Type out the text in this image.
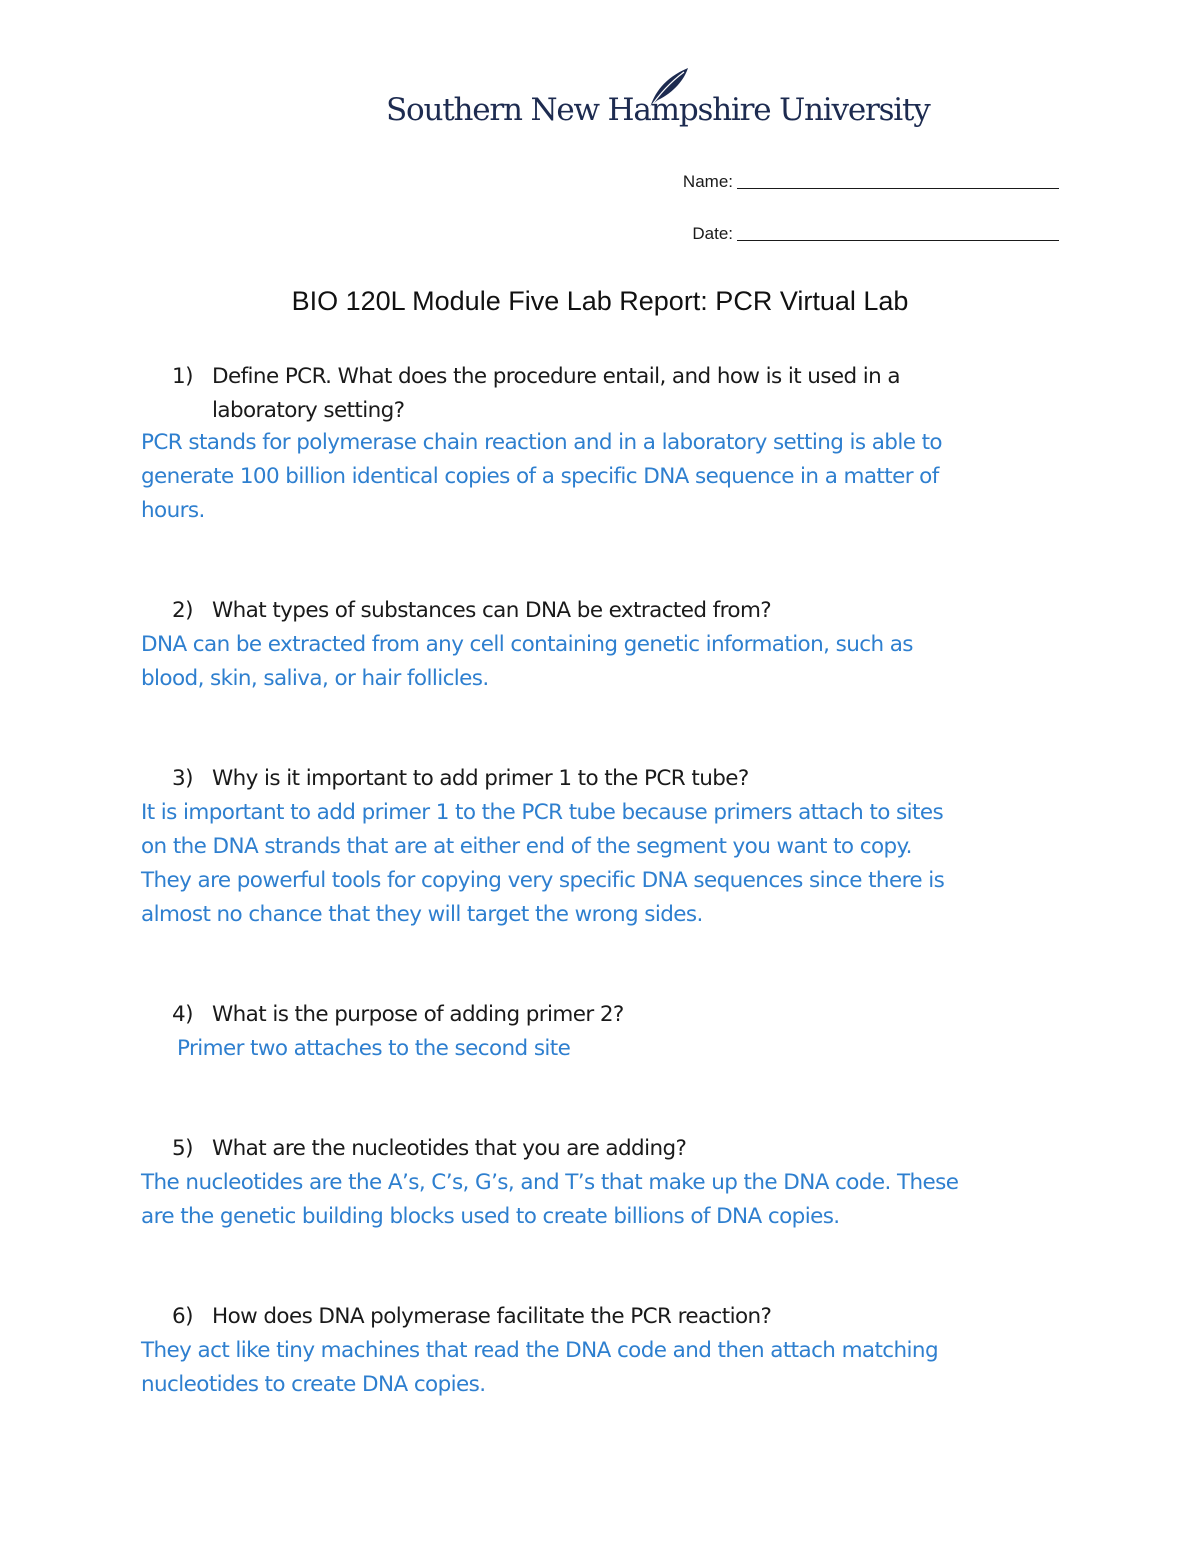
Southern New Hampshire University
Name:
Date:
BIO 120L Module Five Lab Report: PCR Virtual Lab
1) Define PCR. What does the procedure entail, and how is it used in a
laboratory setting?
PCR stands for polymerase chain reaction and in a laboratory setting is able to
generate 100 billion identical copies of a specific DNA sequence in a matter of
hours.
2) What types of substances can DNA be extracted from?
DNA can be extracted from any cell containing genetic information, such as
blood, skin, saliva, or hair follicles.
3) Why is it important to add primer 1 to the PCR tube?
It is important to add primer 1 to the PCR tube because primers attach to sites
on the DNA strands that are at either end of the segment you want to copy.
They are powerful tools for copying very specific DNA sequences since there is
almost no chance that they will target the wrong sides.
4) What is the purpose of adding primer 2?
Primer two attaches to the second site
5) What are the nucleotides that you are adding?
The nucleotides are the A’s, C’s, G’s, and T’s that make up the DNA code. These
are the genetic building blocks used to create billions of DNA copies.
6) How does DNA polymerase facilitate the PCR reaction?
They act like tiny machines that read the DNA code and then attach matching
nucleotides to create DNA copies.
